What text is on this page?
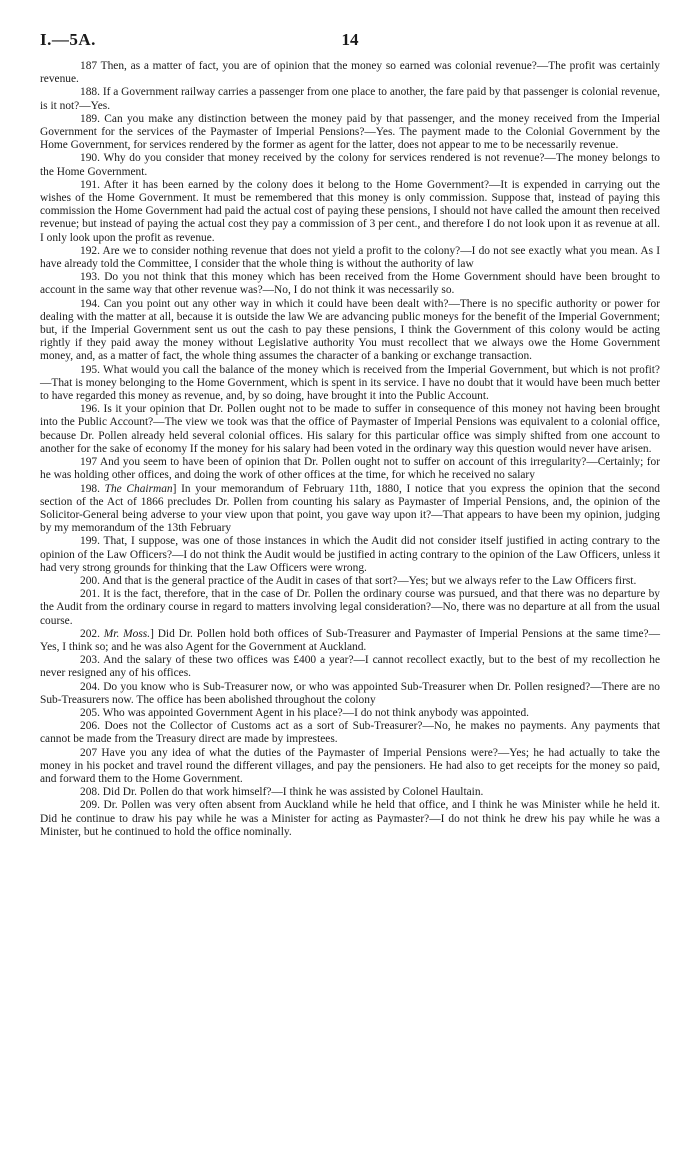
I.—5A.	14

187 Then, as a matter of fact, you are of opinion that the money so earned was colonial revenue?—The profit was certainly revenue.

188. If a Government railway carries a passenger from one place to another, the fare paid by that passenger is colonial revenue, is it not?—Yes.

189. Can you make any distinction between the money paid by that passenger, and the money received from the Imperial Government for the services of the Paymaster of Imperial Pensions?—Yes. The payment made to the Colonial Government by the Home Government, for services rendered by the former as agent for the latter, does not appear to me to be necessarily revenue.

190. Why do you consider that money received by the colony for services rendered is not revenue?—The money belongs to the Home Government.

191. After it has been earned by the colony does it belong to the Home Government?—It is expended in carrying out the wishes of the Home Government. It must be remembered that this money is only commission. Suppose that, instead of paying this commission the Home Government had paid the actual cost of paying these pensions, I should not have called the amount then received revenue; but instead of paying the actual cost they pay a commission of 3 per cent., and therefore I do not look upon it as revenue at all. I only look upon the profit as revenue.

192. Are we to consider nothing revenue that does not yield a profit to the colony?—I do not see exactly what you mean. As I have already told the Committee, I consider that the whole thing is without the authority of law

193. Do you not think that this money which has been received from the Home Government should have been brought to account in the same way that other revenue was?—No, I do not think it was necessarily so.

194. Can you point out any other way in which it could have been dealt with?—There is no specific authority or power for dealing with the matter at all, because it is outside the law We are advancing public moneys for the benefit of the Imperial Government; but, if the Imperial Government sent us out the cash to pay these pensions, I think the Government of this colony would be acting rightly if they paid away the money without Legislative authority You must recollect that we always owe the Home Government money, and, as a matter of fact, the whole thing assumes the character of a banking or exchange transaction.

195. What would you call the balance of the money which is received from the Imperial Government, but which is not profit?—That is money belonging to the Home Government, which is spent in its service. I have no doubt that it would have been much better to have regarded this money as revenue, and, by so doing, have brought it into the Public Account.

196. Is it your opinion that Dr. Pollen ought not to be made to suffer in consequence of this money not having been brought into the Public Account?—The view we took was that the office of Paymaster of Imperial Pensions was equivalent to a colonial office, because Dr. Pollen already held several colonial offices. His salary for this particular office was simply shifted from one account to another for the sake of economy If the money for his salary had been voted in the ordinary way this question would never have arisen.

197 And you seem to have been of opinion that Dr. Pollen ought not to suffer on account of this irregularity?—Certainly; for he was holding other offices, and doing the work of other offices at the time, for which he received no salary

198. The Chairman] In your memorandum of February 11th, 1880, I notice that you express the opinion that the second section of the Act of 1866 precludes Dr. Pollen from counting his salary as Paymaster of Imperial Pensions, and, the opinion of the Solicitor-General being adverse to your view upon that point, you gave way upon it?—That appears to have been my opinion, judging by my memorandum of the 13th February

199. That, I suppose, was one of those instances in which the Audit did not consider itself justified in acting contrary to the opinion of the Law Officers?—I do not think the Audit would be justified in acting contrary to the opinion of the Law Officers, unless it had very strong grounds for thinking that the Law Officers were wrong.

200. And that is the general practice of the Audit in cases of that sort?—Yes; but we always refer to the Law Officers first.

201. It is the fact, therefore, that in the case of Dr. Pollen the ordinary course was pursued, and that there was no departure by the Audit from the ordinary course in regard to matters involving legal consideration?—No, there was no departure at all from the usual course.

202. Mr. Moss.] Did Dr. Pollen hold both offices of Sub-Treasurer and Paymaster of Imperial Pensions at the same time?—Yes, I think so; and he was also Agent for the Government at Auckland.

203. And the salary of these two offices was £400 a year?—I cannot recollect exactly, but to the best of my recollection he never resigned any of his offices.

204. Do you know who is Sub-Treasurer now, or who was appointed Sub-Treasurer when Dr. Pollen resigned?—There are no Sub-Treasurers now. The office has been abolished throughout the colony

205. Who was appointed Government Agent in his place?—I do not think anybody was appointed.

206. Does not the Collector of Customs act as a sort of Sub-Treasurer?—No, he makes no payments. Any payments that cannot be made from the Treasury direct are made by imprestees.

207 Have you any idea of what the duties of the Paymaster of Imperial Pensions were?—Yes; he had actually to take the money in his pocket and travel round the different villages, and pay the pensioners. He had also to get receipts for the money so paid, and forward them to the Home Government.

208. Did Dr. Pollen do that work himself?—I think he was assisted by Colonel Haultain.

209. Dr. Pollen was very often absent from Auckland while he held that office, and I think he was Minister while he held it. Did he continue to draw his pay while he was a Minister for acting as Paymaster?—I do not think he drew his pay while he was a Minister, but he continued to hold the office nominally.
